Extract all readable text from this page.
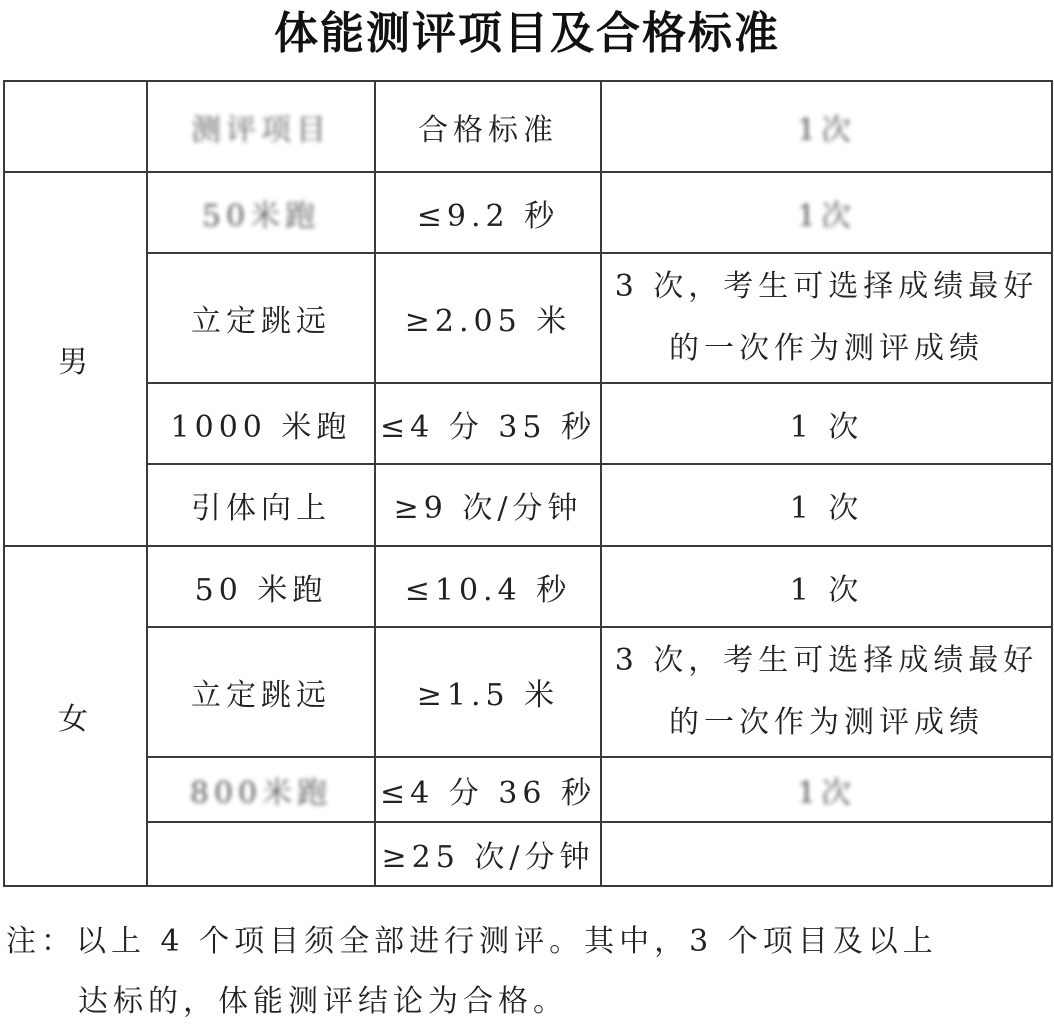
体能测评项目及合格标准
	测评项目	合格标准	1次
男	50米跑	≤9.2 秒	1次
	立定跳远	≥2.05 米	3 次，考生可选择成绩最好的一次作为测评成绩
	1000 米跑	≤4 分 35 秒	1 次
	引体向上	≥9 次/分钟	1 次
女	50 米跑	≤10.4 秒	1 次
	立定跳远	≥1.5 米	3 次，考生可选择成绩最好的一次作为测评成绩
	800米跑	≤4 分 36 秒	1次
		≥25 次/分钟	
注：以上 4 个项目须全部进行测评。其中，3 个项目及以上
达标的，体能测评结论为合格。
